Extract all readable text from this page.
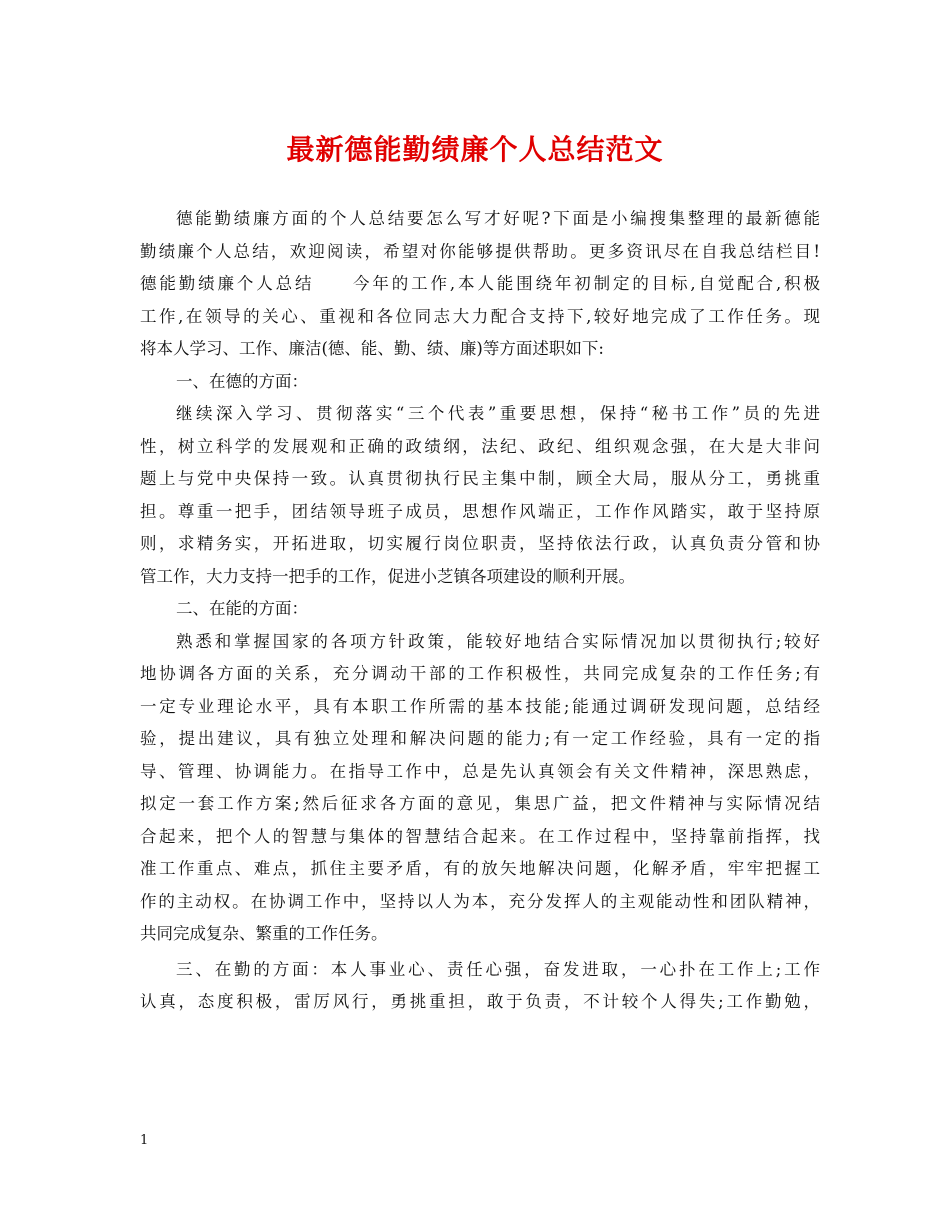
最新德能勤绩廉个人总结范文
德能勤绩廉方面的个人总结要怎么写才好呢?下面是小编搜集整理的最新德能
勤绩廉个人总结，欢迎阅读，希望对你能够提供帮助。更多资讯尽在自我总结栏目!
德能勤绩廉个人总结　　今年的工作,本人能围绕年初制定的目标,自觉配合,积极
工作,在领导的关心、重视和各位同志大力配合支持下,较好地完成了工作任务。现
将本人学习、工作、廉洁(德、能、勤、绩、廉)等方面述职如下:
一、在德的方面：
继续深入学习、贯彻落实“三个代表”重要思想，保持“秘书工作”员的先进
性，树立科学的发展观和正确的政绩纲，法纪、政纪、组织观念强，在大是大非问
题上与党中央保持一致。认真贯彻执行民主集中制，顾全大局，服从分工，勇挑重
担。尊重一把手，团结领导班子成员，思想作风端正，工作作风踏实，敢于坚持原
则，求精务实，开拓进取，切实履行岗位职责，坚持依法行政，认真负责分管和协
管工作，大力支持一把手的工作，促进小芝镇各项建设的顺利开展。
二、在能的方面：
熟悉和掌握国家的各项方针政策，能较好地结合实际情况加以贯彻执行;较好
地协调各方面的关系，充分调动干部的工作积极性，共同完成复杂的工作任务;有
一定专业理论水平，具有本职工作所需的基本技能;能通过调研发现问题，总结经
验，提出建议，具有独立处理和解决问题的能力;有一定工作经验，具有一定的指
导、管理、协调能力。在指导工作中，总是先认真领会有关文件精神，深思熟虑，
拟定一套工作方案;然后征求各方面的意见，集思广益，把文件精神与实际情况结
合起来，把个人的智慧与集体的智慧结合起来。在工作过程中，坚持靠前指挥，找
准工作重点、难点，抓住主要矛盾，有的放矢地解决问题，化解矛盾，牢牢把握工
作的主动权。在协调工作中，坚持以人为本，充分发挥人的主观能动性和团队精神，
共同完成复杂、繁重的工作任务。
三、在勤的方面：本人事业心、责任心强，奋发进取，一心扑在工作上;工作
认真，态度积极，雷厉风行，勇挑重担，敢于负责，不计较个人得失;工作勤勉，
1
